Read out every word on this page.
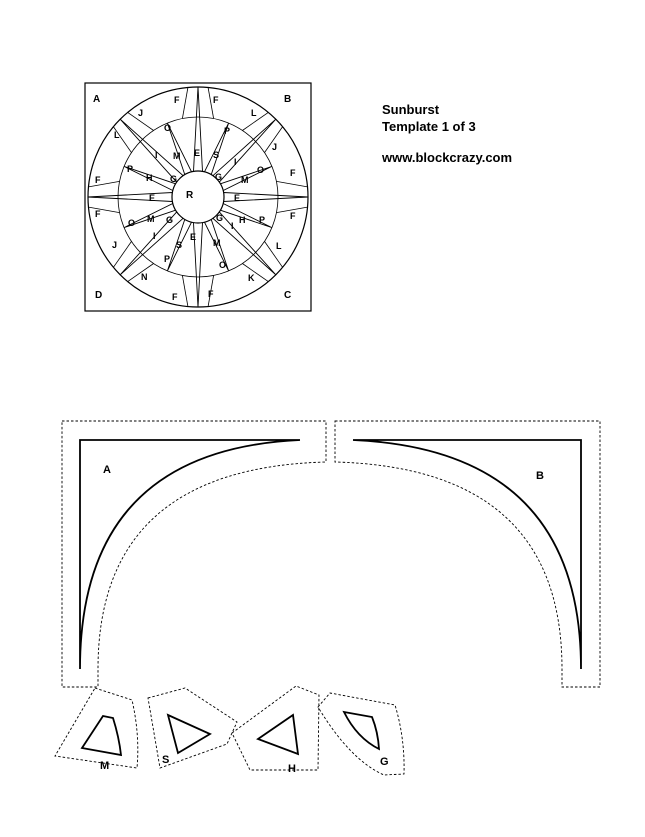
Sunburst
Template 1 of 3
www.blockcrazy.com
A	B
C
D
R
J
F	F
L
L
O	P
J
I M E S
I
P
H G	G M
O	F
F
E	E
F	F
O M G	G H P
J
I
I
E
S	M	L
P
O
K
N
F	F
A	B
M	S
H
G
